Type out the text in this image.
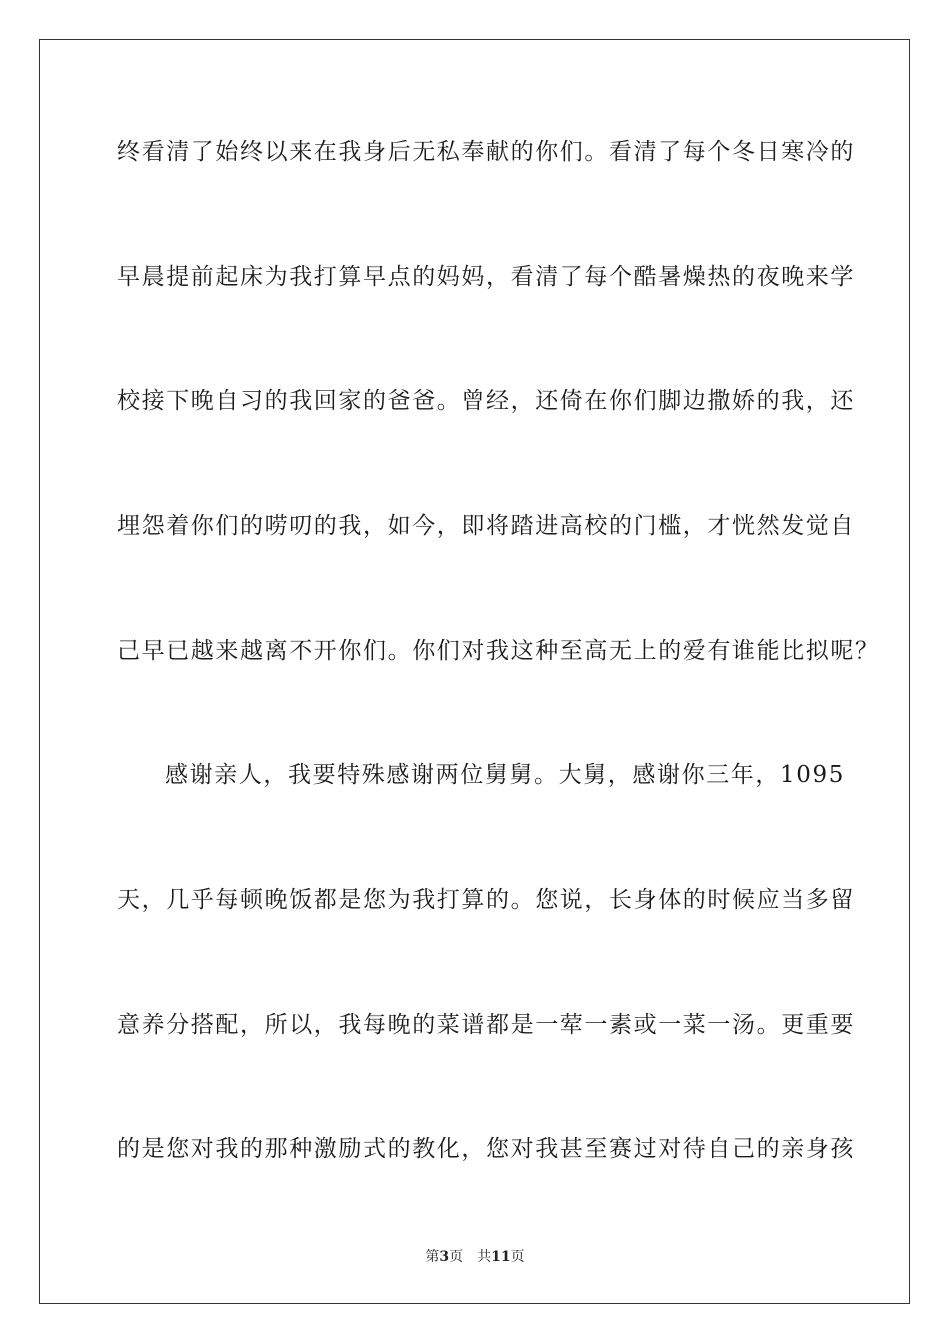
终看清了始终以来在我身后无私奉献的你们。看清了每个冬日寒冷的
早晨提前起床为我打算早点的妈妈，看清了每个酷暑燥热的夜晚来学
校接下晚自习的我回家的爸爸。曾经，还倚在你们脚边撒娇的我，还
埋怨着你们的唠叨的我，如今，即将踏进高校的门槛，才恍然发觉自
己早已越来越离不开你们。你们对我这种至高无上的爱有谁能比拟呢？
感谢亲人，我要特殊感谢两位舅舅。大舅，感谢你三年，1095
天，几乎每顿晚饭都是您为我打算的。您说，长身体的时候应当多留
意养分搭配，所以，我每晚的菜谱都是一荤一素或一菜一汤。更重要
的是您对我的那种激励式的教化，您对我甚至赛过对待自己的亲身孩
第3页 共11页
